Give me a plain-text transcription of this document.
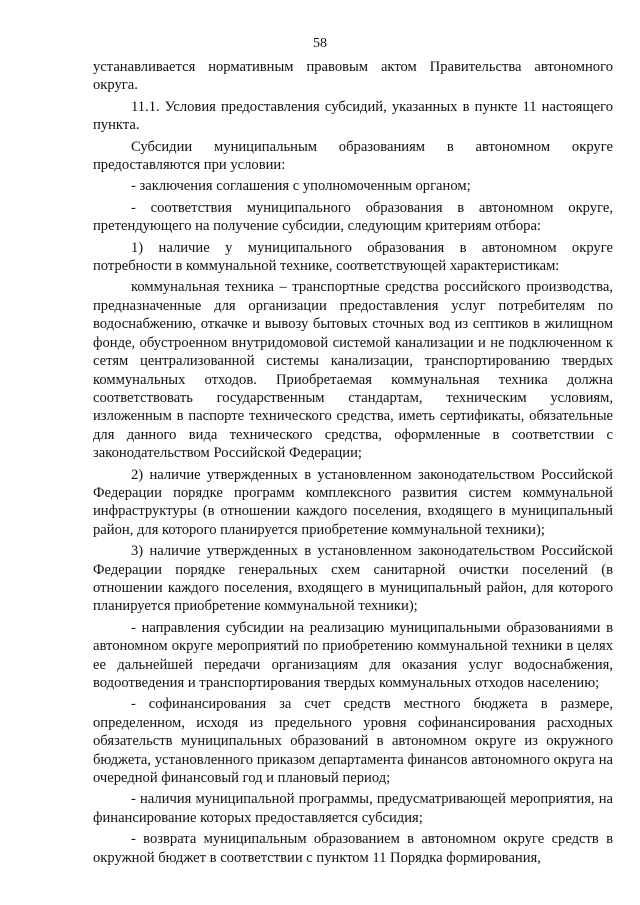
58

устанавливается нормативным правовым актом Правительства автономного округа.

11.1. Условия предоставления субсидий, указанных в пункте 11 настоящего пункта.

Субсидии муниципальным образованиям в автономном округе предоставляются при условии:

- заключения соглашения с уполномоченным органом;

- соответствия муниципального образования в автономном округе, претендующего на получение субсидии, следующим критериям отбора:

1) наличие у муниципального образования в автономном округе потребности в коммунальной технике, соответствующей характеристикам:

коммунальная техника – транспортные средства российского производства, предназначенные для организации предоставления услуг потребителям по водоснабжению, откачке и вывозу бытовых сточных вод из септиков в жилищном фонде, обустроенном внутридомовой системой канализации и не подключенном к сетям централизованной системы канализации, транспортированию твердых коммунальных отходов. Приобретаемая коммунальная техника должна соответствовать государственным стандартам, техническим условиям, изложенным в паспорте технического средства, иметь сертификаты, обязательные для данного вида технического средства, оформленные в соответствии с законодательством Российской Федерации;

2) наличие утвержденных в установленном законодательством Российской Федерации порядке программ комплексного развития систем коммунальной инфраструктуры (в отношении каждого поселения, входящего в муниципальный район, для которого планируется приобретение коммунальной техники);

3) наличие утвержденных в установленном законодательством Российской Федерации порядке генеральных схем санитарной очистки поселений (в отношении каждого поселения, входящего в муниципальный район, для которого планируется приобретение коммунальной техники);

- направления субсидии на реализацию муниципальными образованиями в автономном округе мероприятий по приобретению коммунальной техники в целях ее дальнейшей передачи организациям для оказания услуг водоснабжения, водоотведения и транспортирования твердых коммунальных отходов населению;

- софинансирования за счет средств местного бюджета в размере, определенном, исходя из предельного уровня софинансирования расходных обязательств муниципальных образований в автономном округе из окружного бюджета, установленного приказом департамента финансов автономного округа на очередной финансовый год и плановый период;

- наличия муниципальной программы, предусматривающей мероприятия, на финансирование которых предоставляется субсидия;

- возврата муниципальным образованием в автономном округе средств в окружной бюджет в соответствии с пунктом 11 Порядка формирования,
